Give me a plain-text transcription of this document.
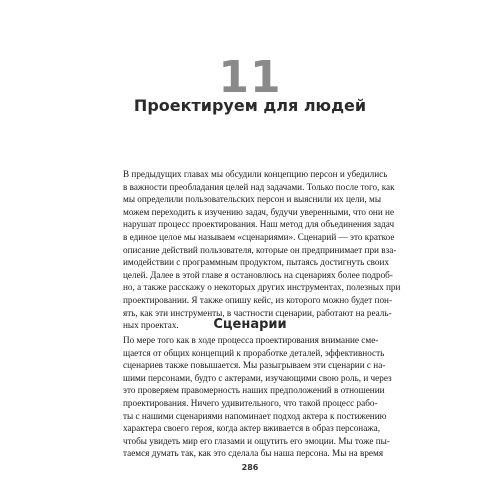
11
Проектируем для людей

В предыдущих главах мы обсудили концепцию персон и убедились
в важности преобладания целей над задачами. Только после того, как
мы определили пользовательских персон и выяснили их цели, мы
можем переходить к изучению задач, будучи уверенными, что они не
нарушат процесс проектирования. Наш метод для объединения задач
в единое целое мы называем «сценариями». Сценарий — это краткое
описание действий пользователя, которые он предпринимает при вза-
имодействии с программным продуктом, пытаясь достигнуть своих
целей. Далее в этой главе я остановлюсь на сценариях более подроб-
но, а также расскажу о некоторых других инструментах, полезных при
проектировании. Я также опишу кейс, из которого можно будет пон-
ять, как эти инструменты, в частности сценарии, работают на реаль-
ных проектах.	Сценарии

По мере того как в ходе процесса проектирования внимание сме-
щается от общих концепций к проработке деталей, эффективность
сценариев также повышается. Мы разыгрываем эти сценарии с на-
шими персонами, будто с актерами, изучающими свою роль, и через
это проверяем правомерность наших предположений в отношении
проектирования. Ничего удивительного, что такой процесс рабо-
ты с нашими сценариями напоминает подход актера к постижению
характера своего героя, когда актер вживается в образ персонажа,
чтобы увидеть мир его глазами и ощутить его эмоции. Мы тоже пы-
таемся думать так, как это сделала бы наша персона. Мы на время

286
